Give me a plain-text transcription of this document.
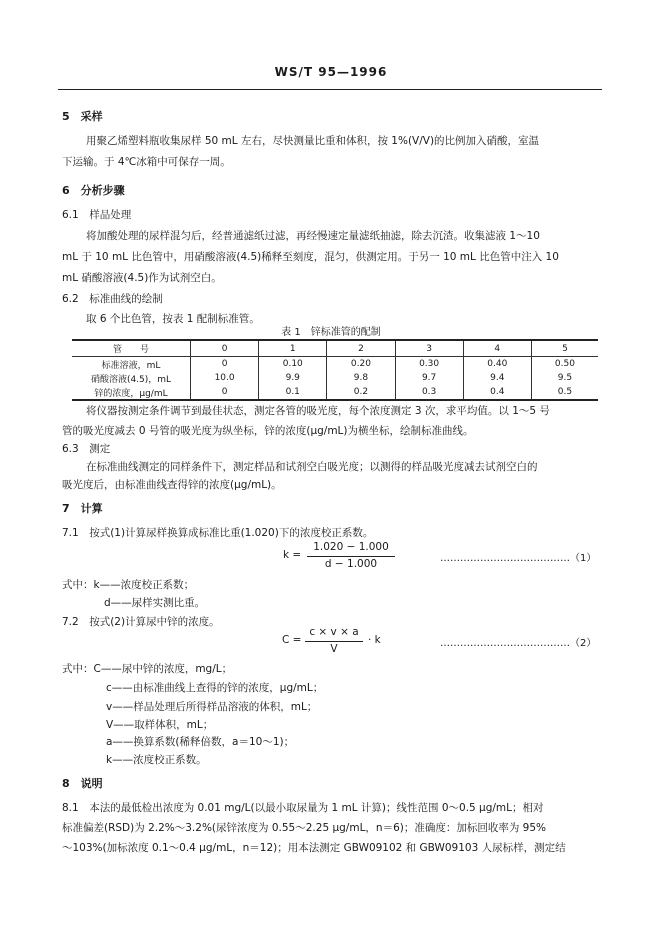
WS/T 95—1996
5　采样
用聚乙烯塑料瓶收集尿样 50 mL 左右，尽快测量比重和体积，按 1%(V/V)的比例加入硝酸，室温
下运输。于 4℃冰箱中可保存一周。
6　分析步骤
6.1　样品处理
将加酸处理的尿样混匀后，经普通滤纸过滤，再经慢速定量滤纸抽滤，除去沉渣。收集滤液 1～10
mL 于 10 mL 比色管中，用硝酸溶液(4.5)稀释至刻度，混匀，供测定用。于另一 10 mL 比色管中注入 10
mL 硝酸溶液(4.5)作为试剂空白。
6.2　标准曲线的绘制
取 6 个比色管，按表 1 配制标准管。
表 1　锌标准管的配制
管　　号	0	1	2	3	4	5
标准溶液，mL	0	0.10	0.20	0.30	0.40	0.50
硝酸溶液(4.5)，mL	10.0	9.9	9.8	9.7	9.4	9.5
锌的浓度，μg/mL	0	0.1	0.2	0.3	0.4	0.5
将仪器按测定条件调节到最佳状态，测定各管的吸光度，每个浓度测定 3 次，求平均值。以 1～5 号
管的吸光度减去 0 号管的吸光度为纵坐标，锌的浓度(μg/mL)为横坐标，绘制标准曲线。
6.3　测定
在标准曲线测定的同样条件下，测定样品和试剂空白吸光度；以测得的样品吸光度减去试剂空白的
吸光度后，由标准曲线查得锌的浓度(μg/mL)。
7　计算
7.1　按式(1)计算尿样换算成标准比重(1.020)下的浓度校正系数。
k =
1.020 − 1.000
d − 1.000	…………………………………（1）
式中：k——浓度校正系数；
d——尿样实测比重。
7.2　按式(2)计算尿中锌的浓度。
C =
c × v × a
V
· k	…………………………………（2）
式中：C——尿中锌的浓度，mg/L；
c——由标准曲线上查得的锌的浓度，μg/mL；
v——样品处理后所得样品溶液的体积，mL；
V——取样体积，mL；
a——换算系数(稀释倍数，a＝10～1)；
k——浓度校正系数。
8　说明
8.1　本法的最低检出浓度为 0.01 mg/L(以最小取尿量为 1 mL 计算)；线性范围 0～0.5 μg/mL；相对
标准偏差(RSD)为 2.2%～3.2%(尿锌浓度为 0.55～2.25 μg/mL，n＝6)；准确度：加标回收率为 95%
～103%(加标浓度 0.1～0.4 μg/mL，n＝12)；用本法测定 GBW09102 和 GBW09103 人尿标样，测定结
